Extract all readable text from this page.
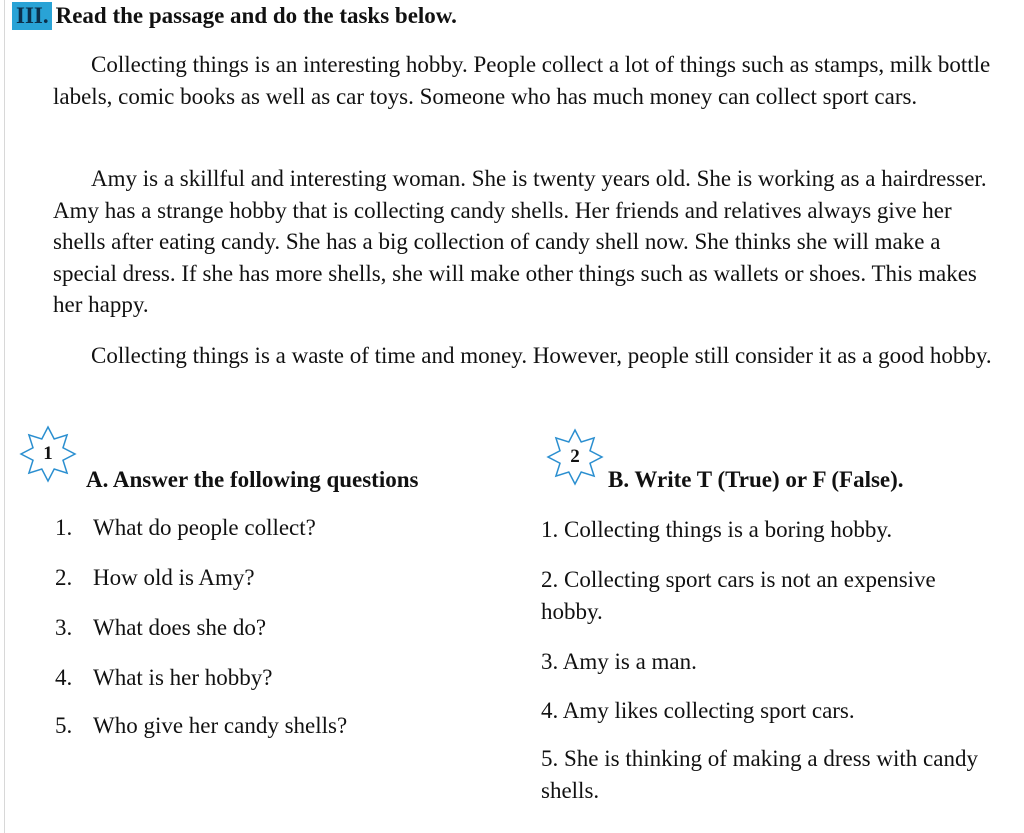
III. Read the passage and do the tasks below.

Collecting things is an interesting hobby. People collect a lot of things such as stamps, milk bottle labels, comic books as well as car toys. Someone who has much money can collect sport cars.

Amy is a skillful and interesting woman. She is twenty years old. She is working as a hairdresser. Amy has a strange hobby that is collecting candy shells. Her friends and relatives always give her shells after eating candy. She has a big collection of candy shell now. She thinks she will make a special dress. If she has more shells, she will make other things such as wallets or shoes. This makes her happy.

Collecting things is a waste of time and money. However, people still consider it as a good hobby.

1
A. Answer the following questions
1. What do people collect?
2. How old is Amy?
3. What does she do?
4. What is her hobby?
5. Who give her candy shells?
2
B. Write T (True) or F (False).
1. Collecting things is a boring hobby.
2. Collecting sport cars is not an expensive hobby.
3. Amy is a man.
4. Amy likes collecting sport cars.
5. She is thinking of making a dress with candy shells.
